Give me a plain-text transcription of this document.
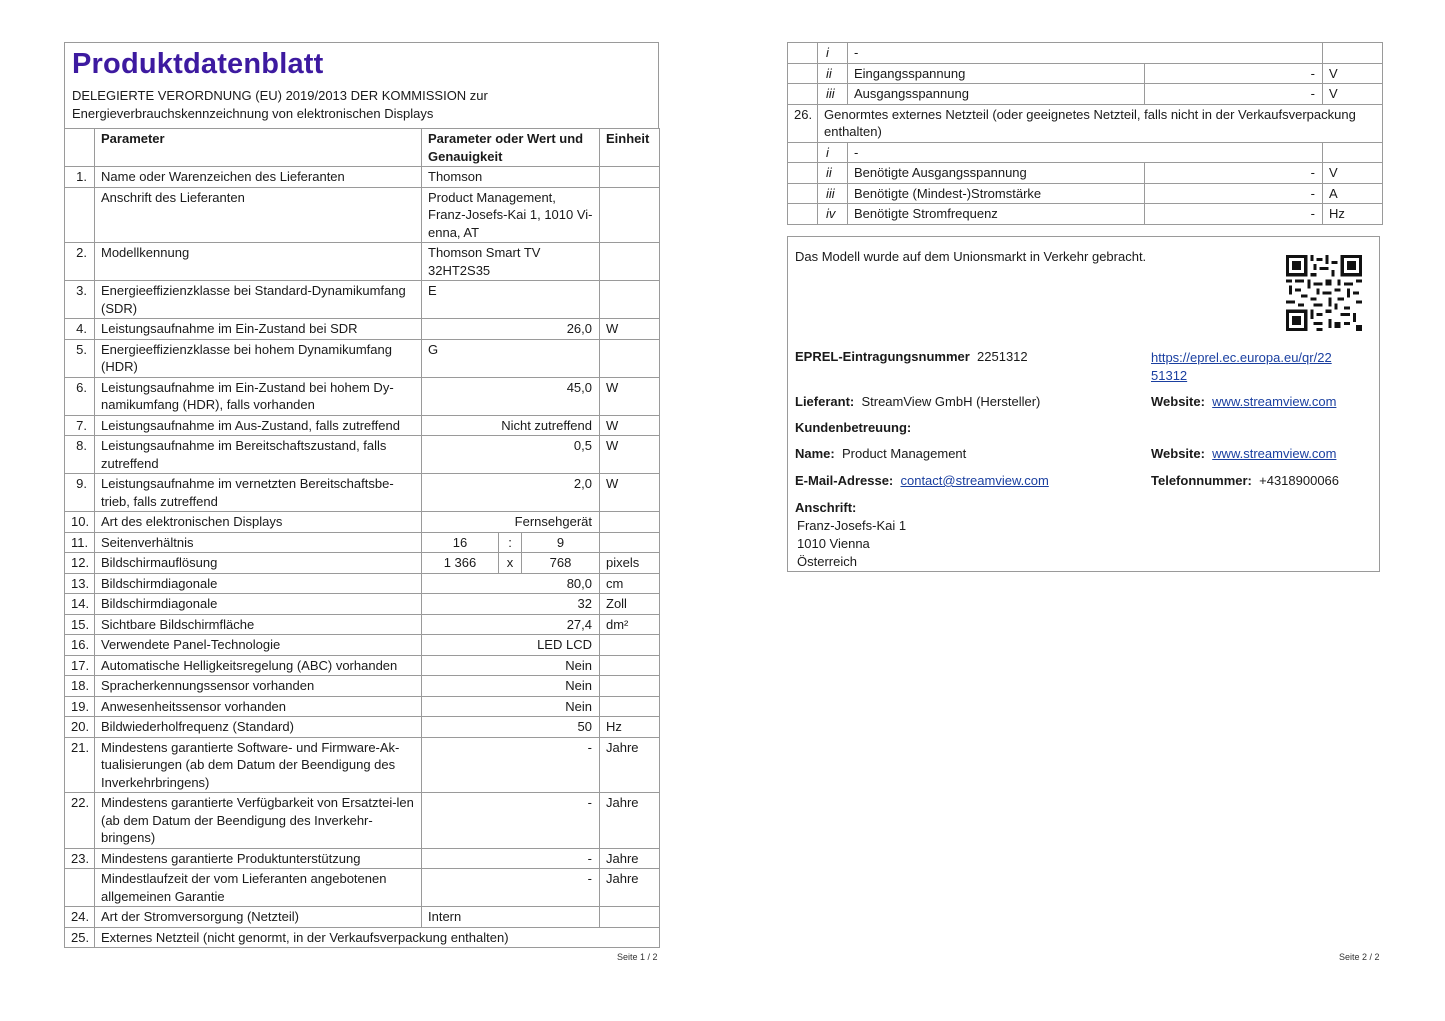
Produktdatenblatt
DELEGIERTE VERORDNUNG (EU) 2019/2013 DER KOMMISSION zur
Energieverbrauchskennzeichnung von elektronischen Displays
	Parameter	Parameter oder Wert und Genauigkeit	Einheit
1.	Name oder Warenzeichen des Lieferanten	Thomson	
	Anschrift des Lieferanten	Product Management, Franz-Josefs-Kai 1, 1010 Vi-enna, AT	
2.	Modellkennung	Thomson Smart TV 32HT2S35	
3.	Energieeffizienzklasse bei Standard-Dynamikumfang (SDR)	E	
4.	Leistungsaufnahme im Ein-Zustand bei SDR	26,0	W
5.	Energieeffizienzklasse bei hohem Dynamikumfang (HDR)	G	
6.	Leistungsaufnahme im Ein-Zustand bei hohem Dy-namikumfang (HDR), falls vorhanden	45,0	W
7.	Leistungsaufnahme im Aus-Zustand, falls zutreffend	Nicht zutreffend	W
8.	Leistungsaufnahme im Bereitschaftszustand, falls zutreffend	0,5	W
9.	Leistungsaufnahme im vernetzten Bereitschaftsbe-trieb, falls zutreffend	2,0	W
10.	Art des elektronischen Displays	Fernsehgerät	
11.	Seitenverhältnis	16 : 9	

12.	Bildschirmauflösung	1 366 x 768	pixels
13.	Bildschirmdiagonale	80,0	cm
14.	Bildschirmdiagonale	32	Zoll
15.	Sichtbare Bildschirmfläche	27,4	dm²
16.	Verwendete Panel-Technologie	LED LCD	
17.	Automatische Helligkeitsregelung (ABC) vorhanden	Nein	
18.	Spracherkennungssensor vorhanden	Nein	
19.	Anwesenheitssensor vorhanden	Nein	
20.	Bildwiederholfrequenz (Standard)	50	Hz
21.	Mindestens garantierte Software- und Firmware-Ak-tualisierungen (ab dem Datum der Beendigung des Inverkehrbringens)	-	Jahre
22.	Mindestens garantierte Verfügbarkeit von Ersatztei-len (ab dem Datum der Beendigung des Inverkehr-bringens)	-	Jahre
23.	Mindestens garantierte Produktunterstützung	-	Jahre
	Mindestlaufzeit der vom Lieferanten angebotenen allgemeinen Garantie	-	Jahre
24.	Art der Stromversorgung (Netzteil)	Intern	
25.	Externes Netzteil (nicht genormt, in der Verkaufsverpackung enthalten)		
Seite 1 / 2
	i	-		
	ii	Eingangsspannung	-	V
	iii	Ausgangsspannung	-	V
26.	Genormtes externes Netzteil (oder geeignetes Netzteil, falls nicht in der Verkaufsverpackung enthalten)			
	i	-		
	ii	Benötigte Ausgangsspannung	-	V
	iii	Benötigte (Mindest-)Stromstärke	-	A
	iv	Benötigte Stromfrequenz	-	Hz
Das Modell wurde auf dem Unionsmarkt in Verkehr gebracht.
EPREL-Eintragungsnummer 2251312	https://eprel.ec.europa.eu/qr/22
51312
Lieferant: StreamView GmbH (Hersteller)	Website: www.streamview.com
Kundenbetreuung:
Name: Product Management	Website: www.streamview.com
E-Mail-Adresse: contact@streamview.com	Telefonnummer: +4318900066
Anschrift:
Franz-Josefs-Kai 1
1010 Vienna
Österreich
Seite 2 / 2
